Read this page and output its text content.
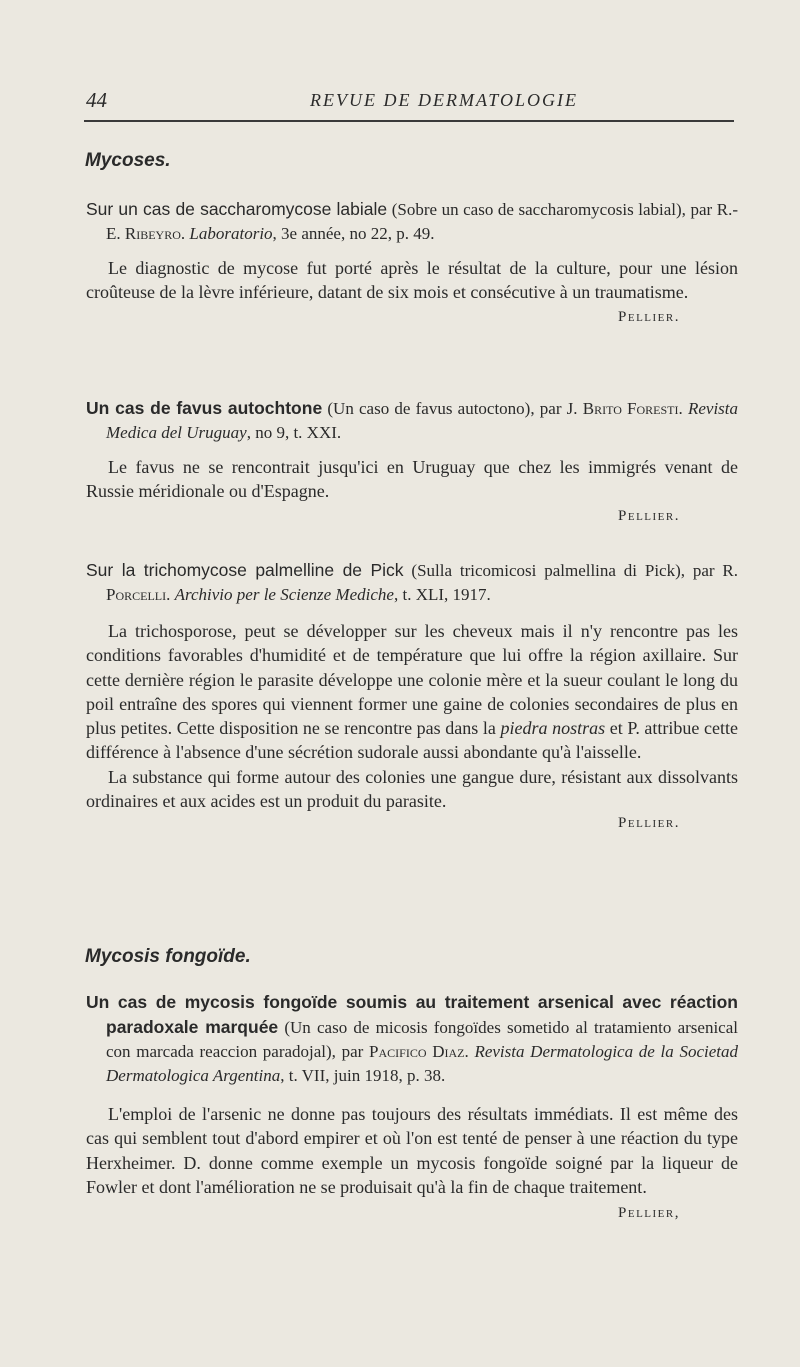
44	REVUE DE DERMATOLOGIE
Mycoses.

Sur un cas de saccharomycose labiale (Sobre un caso de saccharomycosis labial), par R.-E. Ribeyro. Laboratorio, 3e année, no 22, p. 49.

Le diagnostic de mycose fut porté après le résultat de la culture, pour une lésion croûteuse de la lèvre inférieure, datant de six mois et consécutive à un traumatisme.

Pellier.

Un cas de favus autochtone (Un caso de favus autoctono), par J. Brito Foresti. Revista Medica del Uruguay, no 9, t. XXI.

Le favus ne se rencontrait jusqu'ici en Uruguay que chez les immigrés venant de Russie méridionale ou d'Espagne.

Pellier.

Sur la trichomycose palmelline de Pick (Sulla tricomicosi palmellina di Pick), par R. Porcelli. Archivio per le Scienze Mediche, t. XLI, 1917.

La trichosporose, peut se développer sur les cheveux mais il n'y rencontre pas les conditions favorables d'humidité et de température que lui offre la région axillaire. Sur cette dernière région le parasite développe une colonie mère et la sueur coulant le long du poil entraîne des spores qui viennent former une gaine de colonies secondaires de plus en plus petites. Cette disposition ne se rencontre pas dans la piedra nostras et P. attribue cette différence à l'absence d'une sécrétion sudorale aussi abondante qu'à l'aisselle.

La substance qui forme autour des colonies une gangue dure, résistant aux dissolvants ordinaires et aux acides est un produit du parasite.

Pellier.

Mycosis fongoïde.

Un cas de mycosis fongoïde soumis au traitement arsenical avec réaction paradoxale marquée (Un caso de micosis fongoïdes sometido al tratamiento arsenical con marcada reaccion paradojal), par Pacifico Diaz. Revista Dermatologica de la Societad Dermatologica Argentina, t. VII, juin 1918, p. 38.

L'emploi de l'arsenic ne donne pas toujours des résultats immédiats. Il est même des cas qui semblent tout d'abord empirer et où l'on est tenté de penser à une réaction du type Herxheimer. D. donne comme exemple un mycosis fongoïde soigné par la liqueur de Fowler et dont l'amélioration ne se produisait qu'à la fin de chaque traitement.

Pellier,
